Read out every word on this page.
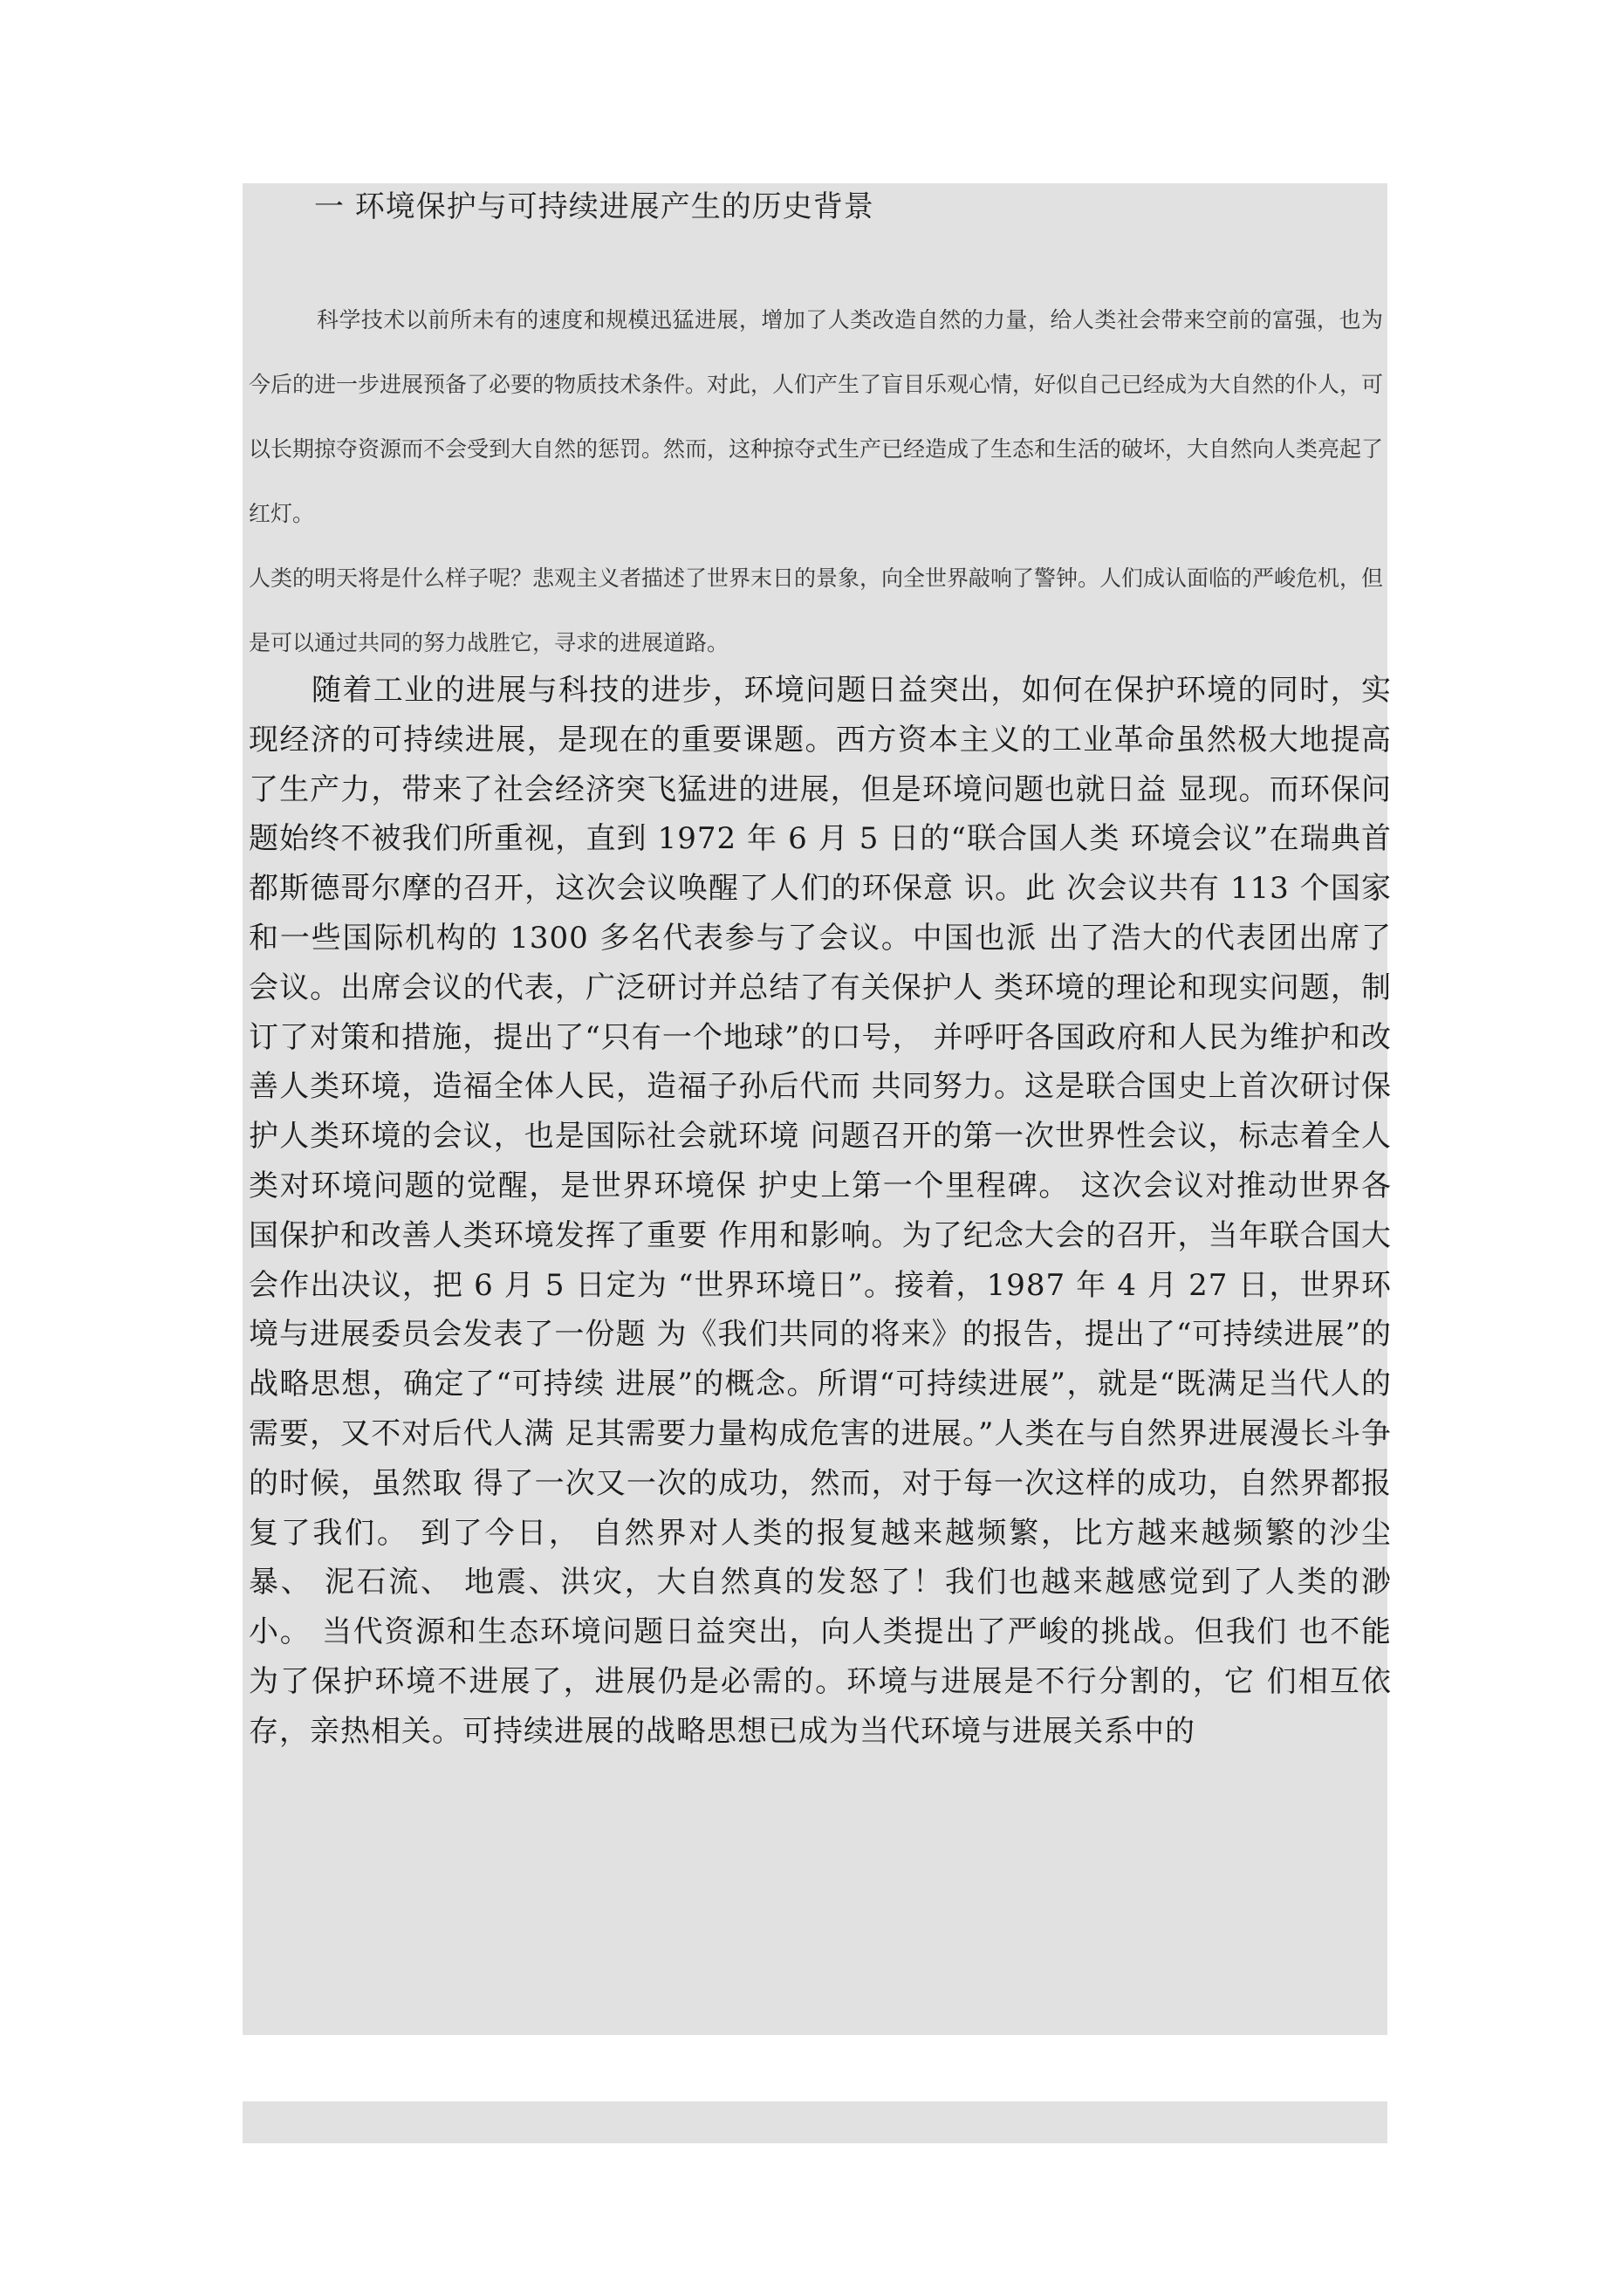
一 环境保护与可持续进展产生的历史背景

科学技术以前所未有的速度和规模迅猛进展，增加了人类改造自然的力量，给人类社会带来空前的富强，也为今后的进一步进展预备了必要的物质技术条件。对此，人们产生了盲目乐观心情，好似自己已经成为大自然的仆人，可以长期掠夺资源而不会受到大自然的惩罚。然而，这种掠夺式生产已经造成了生态和生活的破坏，大自然向人类亮起了红灯。

人类的明天将是什么样子呢？悲观主义者描述了世界末日的景象，向全世界敲响了警钟。人们成认面临的严峻危机，但是可以通过共同的努力战胜它，寻求的进展道路。

随着工业的进展与科技的进步，环境问题日益突出，如何在保护环境的同时，实现经济的可持续进展，是现在的重要课题。西方资本主义的工业革命虽然极大地提高了生产力，带来了社会经济突飞猛进的进展，但是环境问题也就日益 显现。而环保问题始终不被我们所重视，直到 1972 年 6 月 5 日的“联合国人类 环境会议”在瑞典首都斯德哥尔摩的召开，这次会议唤醒了人们的环保意 识。此 次会议共有 113 个国家和一些国际机构的 1300 多名代表参与了会议。中国也派 出了浩大的代表团出席了会议。出席会议的代表，广泛研讨并总结了有关保护人 类环境的理论和现实问题，制订了对策和措施，提出了“只有一个地球”的口号， 并呼吁各国政府和人民为维护和改善人类环境，造福全体人民，造福子孙后代而 共同努力。这是联合国史上首次研讨保护人类环境的会议，也是国际社会就环境 问题召开的第一次世界性会议，标志着全人类对环境问题的觉醒，是世界环境保 护史上第一个里程碑。 这次会议对推动世界各国保护和改善人类环境发挥了重要 作用和影响。为了纪念大会的召开，当年联合国大会作出决议，把 6 月 5 日定为 “世界环境日”。接着，1987 年 4 月 27 日，世界环境与进展委员会发表了一份题 为《我们共同的将来》的报告，提出了“可持续进展”的战略思想，确定了“可持续 进展”的概念。所谓“可持续进展”，就是“既满足当代人的需要，又不对后代人满 足其需要力量构成危害的进展。”人类在与自然界进展漫长斗争的时候，虽然取 得了一次又一次的成功，然而，对于每一次这样的成功，自然界都报复了我们。 到了今日， 自然界对人类的报复越来越频繁，比方越来越频繁的沙尘暴、 泥石流、 地震、洪灾，大自然真的发怒了！我们也越来越感觉到了人类的渺小。 当代资源和生态环境问题日益突出，向人类提出了严峻的挑战。但我们 也不能为了保护环境不进展了，进展仍是必需的。环境与进展是不行分割的，它 们相互依存，亲热相关。可持续进展的战略思想已成为当代环境与进展关系中的
